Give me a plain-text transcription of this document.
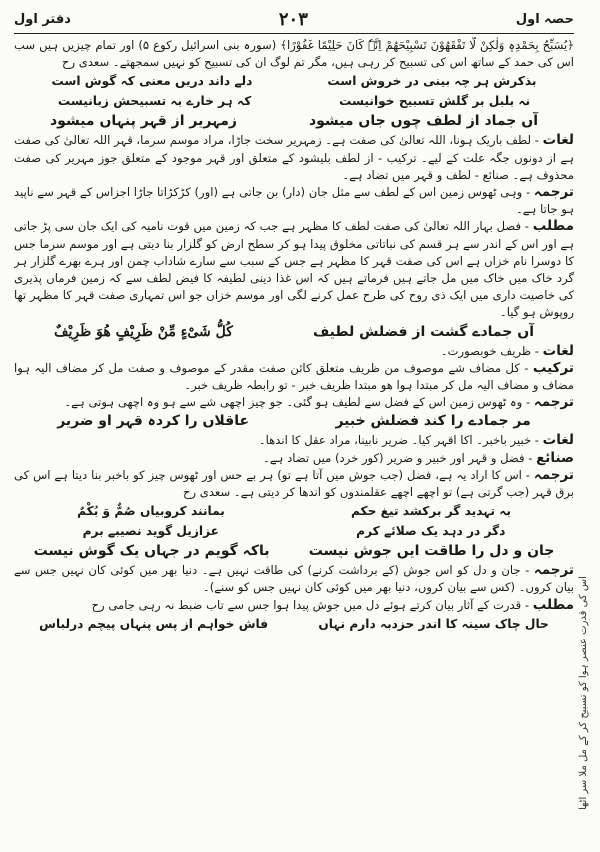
دفتر اول	۲۰۳	حصہ اول

﴿یُسَبِّحُ بِحَمْدِہٖ وَلٰکِنْ لَّا تَفْقَھُوْنَ تَسْبِیْحَھُمْ اِنَّہٗ کَانَ حَلِیْمًا غَفُوْرًا﴾ (سورہ بنی اسرائیل رکوع ۵) اور تمام چیزیں ہیں سب اس کی حمد کے ساتھ اس کی تسبیح کر رہی ہیں، مگر تم لوگ ان کی تسبیح کو نہیں سمجھتے۔ سعدی رح

بذکرش ہر چہ بینی در خروش است
دلے داند دریں معنی کہ گوش است
نہ بلبل بر گلش تسبیح خوانیست
کہ ہر خارے بہ تسبیحش زبانیست
آں جماد از لطف چوں جاں میشود
زمہریر از قہر پنہاں میشود

لغات - لطف باریک ہونا، اللہ تعالیٰ کی صفت ہے۔ زمہریر سخت جاڑا، مراد موسم سرما، قہر اللہ تعالیٰ کی صفت ہے از دونوں جگہ علت کے لیے۔ ترکیب - از لطف بلیشود کے متعلق اور قہر موجود کے متعلق جوز مہریر کی صفت محذوف ہے۔ صنائع - لطف و قہر میں تضاد ہے۔

ترجمہ - وہی ٹھوس زمین اس کے لطف سے مثل جان (دار) بن جاتی ہے (اور) کڑکڑاتا جاڑا اجزاس کے قہر سے ناپید ہو جاتا ہے۔

مطلب - فصل بہار اللہ تعالیٰ کی صفت لطف کا مظہر ہے جب کہ زمین میں قوت نامیہ کی ایک جان سی پڑ جاتی ہے اور اس کے اندر سے ہر قسم کی نباتاتی مخلوق پیدا ہو کر سطح ارض کو گلزار بنا دیتی ہے اور موسم سرما جس کا دوسرا نام خزاں ہے اس کی صفت قہر کا مظہر ہے جس کے سبب سے سارے شاداب چمن اور ہرے بھرے گلزار ہر گرد خاک میں خاک میں مل جاتے ہیں فرماتے ہیں کہ اس غذا دینی لطیفہ کا فیض لطف سے کہ زمین فرماں پذیری کی خاصیت داری میں ایک ذی روح کی طرح عمل کرنے لگی اور موسم خزاں جو اس تمہاری صفت قہر کا مظہر تھا روپوش ہو گیا۔

آں جمادے گشت از فضلش لطیف
کُلُّ شَیْءٍ مِّنْ ظَرِیْفٍ ھُوَ ظَرِیْفٌ

لغات - ظریف خوبصورت۔

ترکیب - کل مضاف شے موصوف من ظریف متعلق کائن صفت مقدر کے موصوف و صفت مل کر مضاف الیہ ہوا مضاف و مضاف الیہ مل کر مبتدا ہوا ھو مبتدا ظریف خبر - تو رابطہ ظریف خبر۔

ترجمہ - وہ ٹھوس زمین اس کے فضل سے لطیف ہو گئی۔ جو چیز اچھی شے سے ہو وہ اچھی ہوتی ہے۔

مر جمادے را کند فضلش خبیر
عاقلاں را کردہ قہر او ضریر

لغات - خبیر باخبر۔ اکا اقہر کیا۔ ضریر نابینا، مراد عقل کا اندھا۔

صنائع - فضل و قہر اور خبیر و ضریر (کور خرد) میں تضاد ہے۔

ترجمہ - اس کا اراد یہ ہے، فضل (جب جوش میں آتا ہے تو) ہر بے حس اور ٹھوس چیز کو باخبر بنا دیتا ہے اس کی برق قہر (جب گرتی ہے) تو اچھے اچھے عقلمندوں کو اندھا کر دیتی ہے۔ سعدی رح

بہ تہدید گر برکشد تیغ حکم
بمانند کروبیاں صُمٌّ وَ بُکْمٌ
دگر در دہد یک صلائے کرم
عزازیل گوید نصیبے برم
جان و دل را طاقت ایں جوش نیست
باکہ گویم در جہاں یک گوش نیست

ترجمہ - جان و دل کو اس جوش (کے برداشت کرنے) کی طاقت نہیں ہے۔ دنیا بھر میں کوئی کان نہیں جس سے بیان کروں۔ (کس سے بیان کروں، دنیا بھر میں کوئی کان نہیں جس کو سنے)۔

مطلب - قدرت کے آثار بیان کرتے ہوئے دل میں جوش پیدا ہوا جس سے تاب ضبط نہ رہی جامی رح

حال چاک سینہ کا اندر حزدبہ دارم نہاں
فاش خواہم از پس پنہاں پیچم درلباس	اس کی قدرت عنصر ہوا کو تسبیح کر کے مل ملا سر اٹھا
